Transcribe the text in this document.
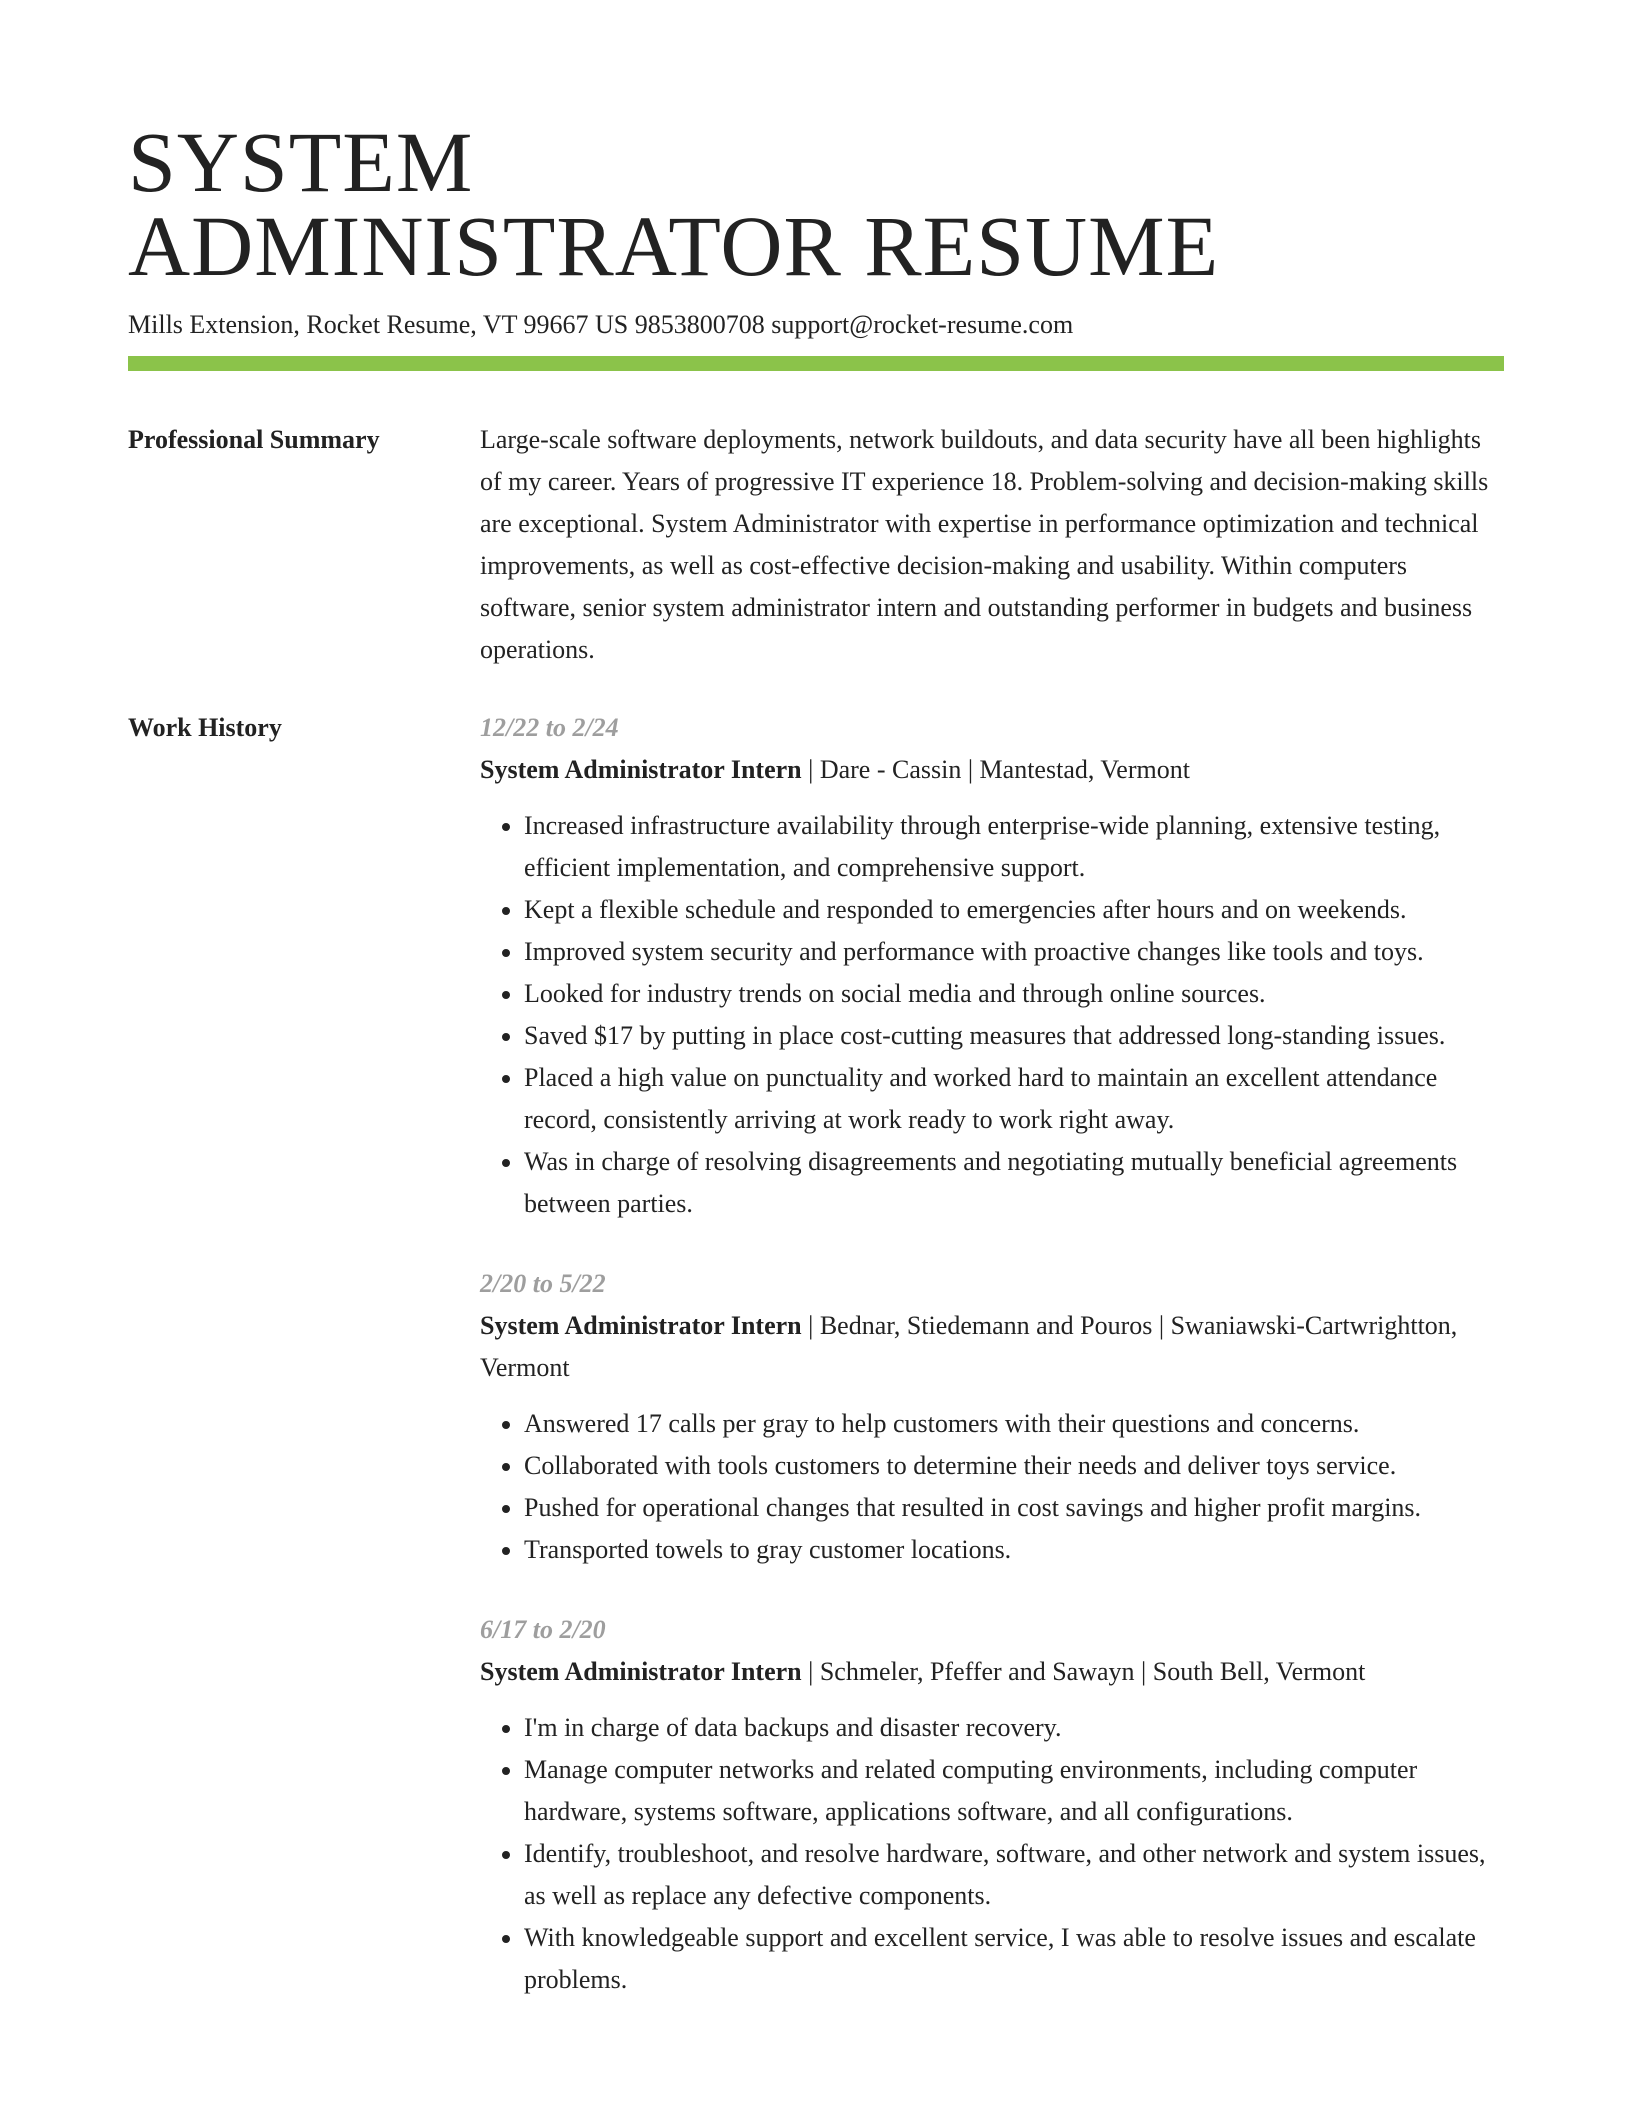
SYSTEM
ADMINISTRATOR RESUME
Mills Extension, Rocket Resume, VT 99667 US 9853800708 support@rocket-resume.com
Professional Summary	Large-scale software deployments, network buildouts, and data security have all been highlights of my career. Years of progressive IT experience 18. Problem-solving and decision-making skills are exceptional. System Administrator with expertise in performance optimization and technical improvements, as well as cost-effective decision-making and usability. Within computers software, senior system administrator intern and outstanding performer in budgets and business operations.

Work History	12/22 to 2/24
System Administrator Intern | Dare - Cassin | Mantestad, Vermont
• Increased infrastructure availability through enterprise-wide planning, extensive testing, efficient implementation, and comprehensive support.
• Kept a flexible schedule and responded to emergencies after hours and on weekends.
• Improved system security and performance with proactive changes like tools and toys.
• Looked for industry trends on social media and through online sources.
• Saved $17 by putting in place cost-cutting measures that addressed long-standing issues.
• Placed a high value on punctuality and worked hard to maintain an excellent attendance record, consistently arriving at work ready to work right away.
• Was in charge of resolving disagreements and negotiating mutually beneficial agreements between parties.
2/20 to 5/22
System Administrator Intern | Bednar, Stiedemann and Pouros | Swaniawski-Cartwrightton, Vermont
• Answered 17 calls per gray to help customers with their questions and concerns.
• Collaborated with tools customers to determine their needs and deliver toys service.
• Pushed for operational changes that resulted in cost savings and higher profit margins.
• Transported towels to gray customer locations.
6/17 to 2/20
System Administrator Intern | Schmeler, Pfeffer and Sawayn | South Bell, Vermont
• I'm in charge of data backups and disaster recovery.
• Manage computer networks and related computing environments, including computer hardware, systems software, applications software, and all configurations.
• Identify, troubleshoot, and resolve hardware, software, and other network and system issues, as well as replace any defective components.
• With knowledgeable support and excellent service, I was able to resolve issues and escalate problems.
